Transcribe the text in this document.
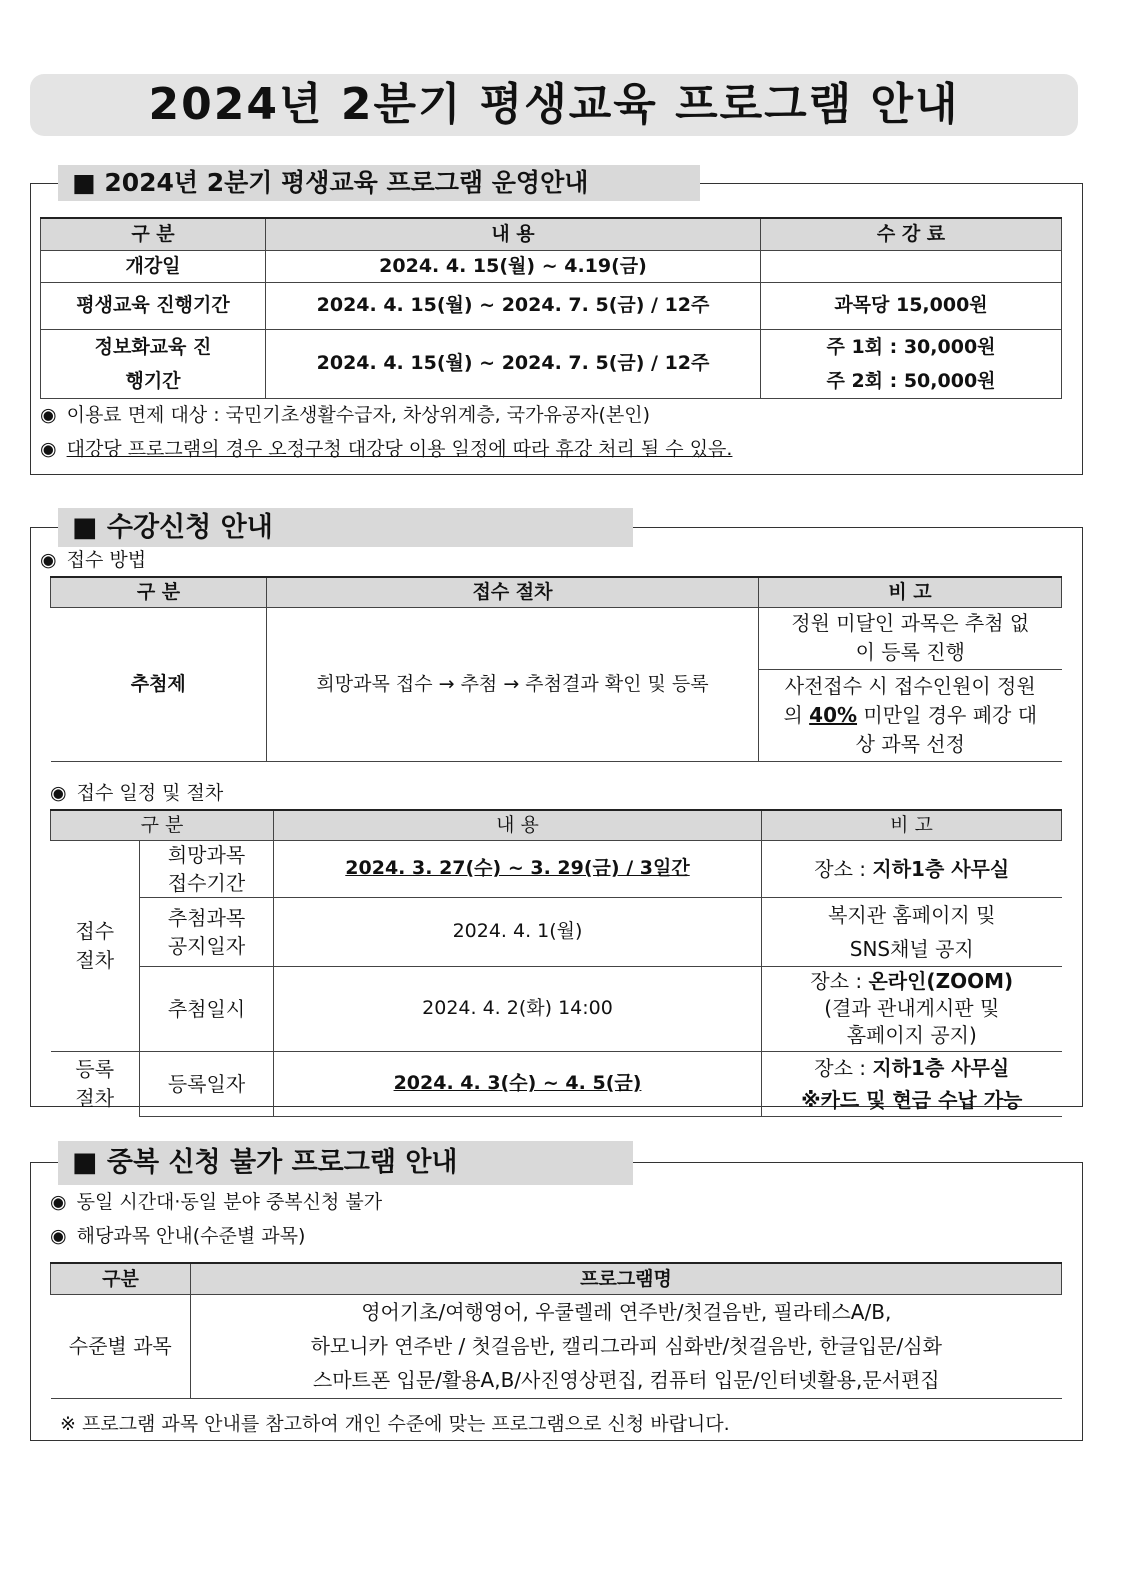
2024년 2분기 평생교육 프로그램 안내
■ 2024년 2분기 평생교육 프로그램 운영안내
구 분	내 용	수 강 료
개강일	2024. 4. 15(월) ~ 4.19(금)	
평생교육 진행기간	2024. 4. 15(월) ~ 2024. 7. 5(금) / 12주	과목당 15,000원

정보화교육 진행기간	2024. 4. 15(월) ~ 2024. 7. 5(금) / 12주	주 1회 : 30,000원
주 2회 : 50,000원
◉ 이용료 면제 대상 : 국민기초생활수급자, 차상위계층, 국가유공자(본인)
◉ 대강당 프로그램의 경우 오정구청 대강당 이용 일정에 따라 휴강 처리 될 수 있음.
■ 수강신청 안내
◉ 접수 방법
구 분	접수 절차	비 고
추첨제	희망과목 접수 → 추첨 → 추첨결과 확인 및 등록	정원 미달인 과목은 추첨 없이 등록 진행

		사전접수 시 접수인원이 정원의 40% 미만일 경우 폐강 대상 과목 선정
◉ 접수 일정 및 절차
구 분		내 용	비 고

접수 절차	희망과목 접수기간	2024. 3. 27(수) ~ 3. 29(금) / 3일간	장소 : 지하1층 사무실

	추첨과목 공지일자	2024. 4. 1(월)	복지관 홈페이지 및
SNS채널 공지

	추첨일시	2024. 4. 2(화) 14:00	장소 : 온라인(ZOOM)
(결과 관내게시판 및
홈페이지 공지)

등록 절차	등록일자	2024. 4. 3(수) ~ 4. 5(금)	장소 : 지하1층 사무실
※카드 및 현금 수납 가능
■ 중복 신청 불가 프로그램 안내
◉ 동일 시간대·동일 분야 중복신청 불가
◉ 해당과목 안내(수준별 과목)
구분	프로그램명
수준별 과목	영어기초/여행영어, 우쿨렐레 연주반/첫걸음반, 필라테스A/B,
하모니카 연주반 / 첫걸음반, 캘리그라피 심화반/첫걸음반, 한글입문/심화
스마트폰 입문/활용A,B/사진영상편집, 컴퓨터 입문/인터넷활용,문서편집
※ 프로그램 과목 안내를 참고하여 개인 수준에 맞는 프로그램으로 신청 바랍니다.
